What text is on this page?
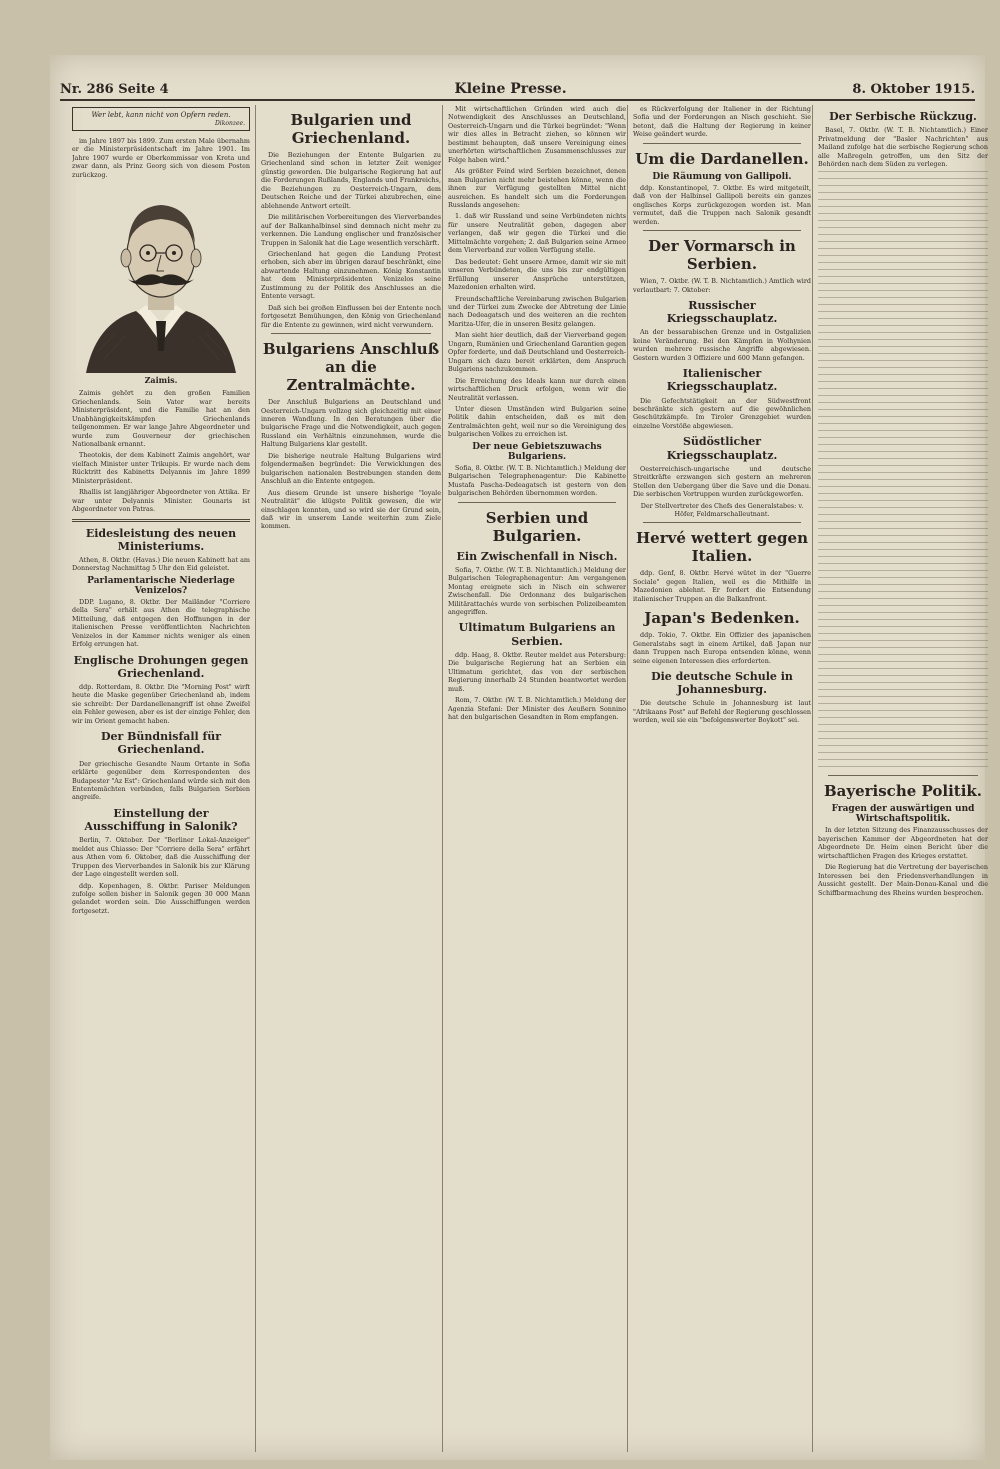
Nr. 286 Seite 4	Kleine Presse.	8. Oktober 1915.
Wer lebt, kann nicht von Opfern reden.
Dikonzee.

im Jahre 1897 bis 1899. Zum ersten Male übernahm er die Ministerpräsidentschaft im Jahre 1901. Im Jahre 1907 wurde er Oberkommissar von Kreta und zwar dann, als Prinz Georg sich von diesem Posten zurückzog.

Zaimis.

Zaimis gehört zu den großen Familien Griechenlands. Sein Vater war bereits Ministerpräsident, und die Familie hat an den Unabhängigkeitskämpfen Griechenlands teilgenommen. Er war lange Jahre Abgeordneter und wurde zum Gouverneur der griechischen Nationalbank ernannt.

Theotokis, der dem Kabinett Zaimis angehört, war vielfach Minister unter Trikupis. Er wurde nach dem Rücktritt des Kabinetts Delyannis im Jahre 1899 Ministerpräsident.

Rhallis ist langjähriger Abgeordneter von Attika. Er war unter Delyannis Minister. Gounaris ist Abgeordneter von Patras.

Eidesleistung des neuen Ministeriums.

Athen, 8. Oktbr. (Havas.) Die neuen Kabinett hat am Donnerstag Nachmittag 5 Uhr den Eid geleistet.

Parlamentarische Niederlage Venizelos?

DDP. Lugano, 8. Oktbr. Der Mailänder "Corriere della Sera" erhält aus Athen die telegraphische Mitteilung, daß entgegen den Hoffnungen in der italienischen Presse veröffentlichten Nachrichten Venizelos in der Kammer nichts weniger als einen Erfolg errungen hat.

Englische Drohungen gegen Griechenland.

ddp. Rotterdam, 8. Oktbr. Die "Morning Post" wirft heute die Maske gegenüber Griechenland ab, indem sie schreibt: Der Dardanellenangriff ist ohne Zweifel ein Fehler gewesen, aber es ist der einzige Fehler, den wir im Orient gemacht haben.

Der Bündnisfall für Griechenland.

Der griechische Gesandte Naum Ortante in Sofia erklärte gegenüber dem Korrespondenten des Budapester "Az Est": Griechenland würde sich mit den Ententemächten verbinden, falls Bulgarien Serbien angreife.

Einstellung der Ausschiffung in Salonik?

Berlin, 7. Oktober. Der "Berliner Lokal-Anzeiger" meldet aus Chiasso: Der "Corriere della Sera" erfährt aus Athen vom 6. Oktober, daß die Ausschiffung der Truppen des Vierverbandes in Salonik bis zur Klärung der Lage eingestellt werden soll.

ddp. Kopenhagen, 8. Oktbr. Pariser Meldungen zufolge sollen bisher in Salonik gegen 30 000 Mann gelandet worden sein. Die Ausschiffungen werden fortgesetzt.

Bulgarien und Griechenland.

Die Beziehungen der Entente Bulgarien zu Griechenland sind schon in letzter Zeit weniger günstig geworden. Die bulgarische Regierung hat auf die Forderungen Rußlands, Englands und Frankreichs, die Beziehungen zu Oesterreich-Ungarn, dem Deutschen Reiche und der Türkei abzubrechen, eine ablehnende Antwort erteilt.

Die militärischen Vorbereitungen des Vierverbandes auf der Balkanhalbinsel sind demnach nicht mehr zu verkennen. Die Landung englischer und französischer Truppen in Salonik hat die Lage wesentlich verschärft.

Griechenland hat gegen die Landung Protest erhoben, sich aber im übrigen darauf beschränkt, eine abwartende Haltung einzunehmen. König Konstantin hat dem Ministerpräsidenten Venizelos seine Zustimmung zu der Politik des Anschlusses an die Entente versagt.

Daß sich bei großen Einflussen bei der Entente noch fortgesetzt Bemühungen, den König von Griechenland für die Entente zu gewinnen, wird nicht verwundern.

Bulgariens Anschluß an die Zentralmächte.

Der Anschluß Bulgariens an Deutschland und Oesterreich-Ungarn vollzog sich gleichzeitig mit einer inneren Wandlung. In den Beratungen über die bulgarische Frage und die Notwendigkeit, auch gegen Russland ein Verhältnis einzunehmen, wurde die Haltung Bulgariens klar gestellt.

Die bisherige neutrale Haltung Bulgariens wird folgendermaßen begründet: Die Verwicklungen des bulgarischen nationalen Bestrebungen standen dem Anschluß an die Entente entgegen.

Aus diesem Grunde ist unsere bisherige "loyale Neutralität" die klügste Politik gewesen, die wir einschlagen konnten, und so wird sie der Grund sein, daß wir in unserem Lande weiterhin zum Ziele kommen.

Mit wirtschaftlichen Gründen wird auch die Notwendigkeit des Anschlusses an Deutschland, Oesterreich-Ungarn und die Türkei begründet: "Wenn wir dies alles in Betracht ziehen, so können wir bestimmt behaupten, daß unsere Vereinigung eines unerhörten wirtschaftlichen Zusammenschlusses zur Folge haben wird."

Als größter Feind wird Serbien bezeichnet, denen man Bulgarien nicht mehr beistehen könne, wenn die ihnen zur Verfügung gestellten Mittel nicht ausreichen. Es handelt sich um die Forderungen Russlands angesehen:

1. daß wir Russland und seine Verbündeten nichts für unsere Neutralität geben, dagegen aber verlangen, daß wir gegen die Türkei und die Mittelmächte vorgehen; 2. daß Bulgarien seine Armee dem Vierverband zur vollen Verfügung stelle.

Das bedeutet: Geht unsere Armee, damit wir sie mit unseren Verbündeten, die uns bis zur endgültigen Erfüllung unserer Ansprüche unterstützen, Mazedonien erhalten wird.

Freundschaftliche Vereinbarung zwischen Bulgarien und der Türkei zum Zwecke der Abtretung der Linie nach Dedeagatsch und des weiteren an die rechten Maritza-Ufer, die in unseren Besitz gelangen.

Man sieht hier deutlich, daß der Vierverband gegen Ungarn, Rumänien und Griechenland Garantien gegen Opfer forderte, und daß Deutschland und Oesterreich-Ungarn sich dazu bereit erklärten, dem Anspruch Bulgariens nachzukommen.

Die Erreichung des Ideals kann nur durch einen wirtschaftlichen Druck erfolgen, wenn wir die Neutralität verlassen.

Unter diesen Umständen wird Bulgarien seine Politik dahin entscheiden, daß es mit den Zentralmächten geht, weil nur so die Vereinigung des bulgarischen Volkes zu erreichen ist.

Der neue Gebietszuwachs Bulgariens.

Sofia, 8. Oktbr. (W. T. B. Nichtamtlich.) Meldung der Bulgarischen Telegraphenagentur: Die Kabinette Mustafa Pascha-Dedeagatsch ist gestern von den bulgarischen Behörden übernommen worden.

Serbien und Bulgarien.
Ein Zwischenfall in Nisch.

Sofia, 7. Oktbr. (W. T. B. Nichtamtlich.) Meldung der Bulgarischen Telegraphenagentur: Am vergangenen Montag ereignete sich in Nisch ein schwerer Zwischenfall. Die Ordonnanz des bulgarischen Militärattachés wurde von serbischen Polizeibeamten angegriffen.

Ultimatum Bulgariens an Serbien.

ddp. Haag, 8. Oktbr. Reuter meldet aus Petersburg: Die bulgarische Regierung hat an Serbien ein Ultimatum gerichtet, das von der serbischen Regierung innerhalb 24 Stunden beantwortet werden muß.

Rom, 7. Oktbr. (W. T. B. Nichtamtlich.) Meldung der Agenzia Stefani: Der Minister des Aeußern Sonnino hat den bulgarischen Gesandten in Rom empfangen.

es Rückverfolgung der Italiener in der Richtung Sofia und der Forderungen an Nisch geschieht. Sie betont, daß die Haltung der Regierung in keiner Weise geändert wurde.

Um die Dardanellen.
Die Räumung von Gallipoli.

ddp. Konstantinopel, 7. Oktbr. Es wird mitgeteilt, daß von der Halbinsel Gallipoli bereits ein ganzes englisches Korps zurückgezogen worden ist. Man vermutet, daß die Truppen nach Salonik gesandt werden.

Der Vormarsch in Serbien.

Wien, 7. Oktbr. (W. T. B. Nichtamtlich.) Amtlich wird verlautbart: 7. Oktober:

Russischer Kriegsschauplatz.

An der bessarabischen Grenze und in Ostgalizien keine Veränderung. Bei den Kämpfen in Wolhynien wurden mehrere russische Angriffe abgewiesen. Gestern wurden 3 Offiziere und 600 Mann gefangen.

Italienischer Kriegsschauplatz.

Die Gefechtstätigkeit an der Südwestfront beschränkte sich gestern auf die gewöhnlichen Geschützkämpfe. Im Tiroler Grenzgebiet wurden einzelne Vorstöße abgewiesen.

Südöstlicher Kriegsschauplatz.

Oesterreichisch-ungarische und deutsche Streitkräfte erzwangen sich gestern an mehreren Stellen den Uebergang über die Save und die Donau. Die serbischen Vortruppen wurden zurückgeworfen.

Der Stellvertreter des Chefs des Generalstabes: v. Höfer, Feldmarschalleutnant.

Hervé wettert gegen Italien.

ddp. Genf, 8. Oktbr. Hervé wütet in der "Guerre Sociale" gegen Italien, weil es die Mithilfe in Mazedonien ablehnt. Er fordert die Entsendung italienischer Truppen an die Balkanfront.

Japan's Bedenken.

ddp. Tokio, 7. Oktbr. Ein Offizier des japanischen Generalstabs sagt in einem Artikel, daß Japan nur dann Truppen nach Europa entsenden könne, wenn seine eigenen Interessen dies erforderten.

Die deutsche Schule in Johannesburg.

Die deutsche Schule in Johannesburg ist laut "Afrikaans Post" auf Befehl der Regierung geschlossen worden, weil sie ein "befolgenswerter Boykott" sei.

Der Serbische Rückzug.

Basel, 7. Oktbr. (W. T. B. Nichtamtlich.) Einer Privatmeldung der "Basler Nachrichten" aus Mailand zufolge hat die serbische Regierung schon alle Maßregeln getroffen, um den Sitz der Behörden nach dem Süden zu verlegen.

Bayerische Politik.
Fragen der auswärtigen und Wirtschaftspolitik.

In der letzten Sitzung des Finanzausschusses der bayerischen Kammer der Abgeordneten hat der Abgeordnete Dr. Heim einen Bericht über die wirtschaftlichen Fragen des Krieges erstattet.

Die Regierung hat die Vertretung der bayerischen Interessen bei den Friedensverhandlungen in Aussicht gestellt. Der Main-Donau-Kanal und die Schiffbarmachung des Rheins wurden besprochen.
